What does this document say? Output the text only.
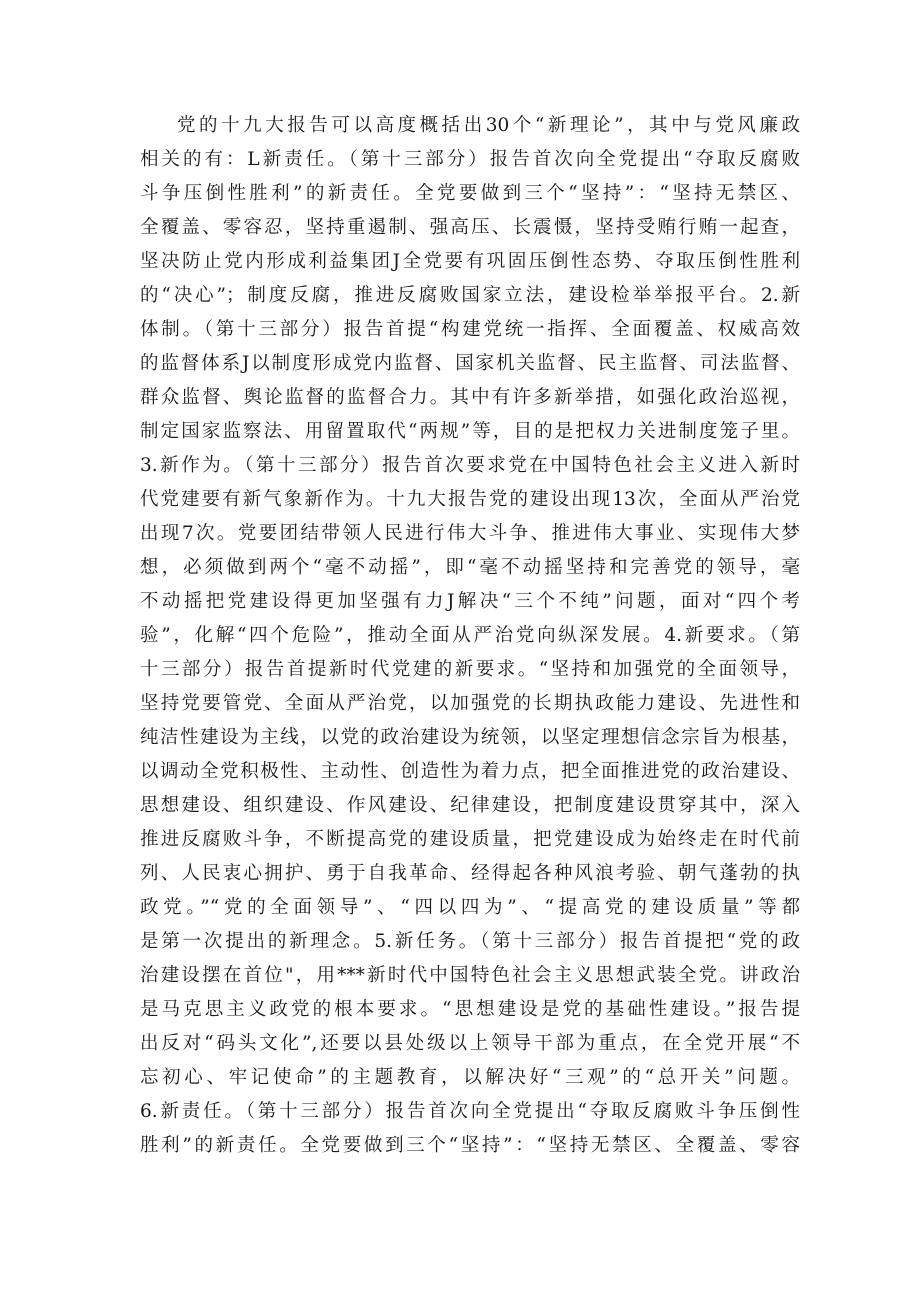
党的十九大报告可以高度概括出30个“新理论”，其中与党风廉政
相关的有：L新责任。（第十三部分）报告首次向全党提出“夺取反腐败
斗争压倒性胜利”的新责任。全党要做到三个“坚持”：“坚持无禁区、
全覆盖、零容忍，坚持重遏制、强高压、长震慑，坚持受贿行贿一起查，
坚决防止党内形成利益集团J全党要有巩固压倒性态势、夺取压倒性胜利
的“决心”；制度反腐，推进反腐败国家立法，建设检举举报平台。2.新
体制。（第十三部分）报告首提“构建党统一指挥、全面覆盖、权威高效
的监督体系J以制度形成党内监督、国家机关监督、民主监督、司法监督、
群众监督、舆论监督的监督合力。其中有许多新举措，如强化政治巡视，
制定国家监察法、用留置取代“两规”等，目的是把权力关进制度笼子里。
3.新作为。（第十三部分）报告首次要求党在中国特色社会主义进入新时
代党建要有新气象新作为。十九大报告党的建设出现13次，全面从严治党
出现7次。党要团结带领人民进行伟大斗争、推进伟大事业、实现伟大梦
想，必须做到两个“毫不动摇”，即“毫不动摇坚持和完善党的领导，毫
不动摇把党建设得更加坚强有力J解决“三个不纯”问题，面对“四个考
验”，化解“四个危险”，推动全面从严治党向纵深发展。4.新要求。（第
十三部分）报告首提新时代党建的新要求。“坚持和加强党的全面领导，
坚持党要管党、全面从严治党，以加强党的长期执政能力建设、先进性和
纯洁性建设为主线，以党的政治建设为统领，以坚定理想信念宗旨为根基，
以调动全党积极性、主动性、创造性为着力点，把全面推进党的政治建设、
思想建设、组织建设、作风建设、纪律建设，把制度建设贯穿其中，深入
推进反腐败斗争，不断提高党的建设质量，把党建设成为始终走在时代前
列、人民衷心拥护、勇于自我革命、经得起各种风浪考验、朝气蓬勃的执
政党。”“党的全面领导”、“四以四为”、“提高党的建设质量”等都
是第一次提出的新理念。5.新任务。（第十三部分）报告首提把“党的政
治建设摆在首位"，用***新时代中国特色社会主义思想武装全党。讲政治
是马克思主义政党的根本要求。“思想建设是党的基础性建设。”报告提
出反对“码头文化”,还要以县处级以上领导干部为重点，在全党开展“不
忘初心、牢记使命”的主题教育，以解决好“三观”的“总开关”问题。
6.新责任。（第十三部分）报告首次向全党提出“夺取反腐败斗争压倒性
胜利”的新责任。全党要做到三个“坚持”：“坚持无禁区、全覆盖、零容
